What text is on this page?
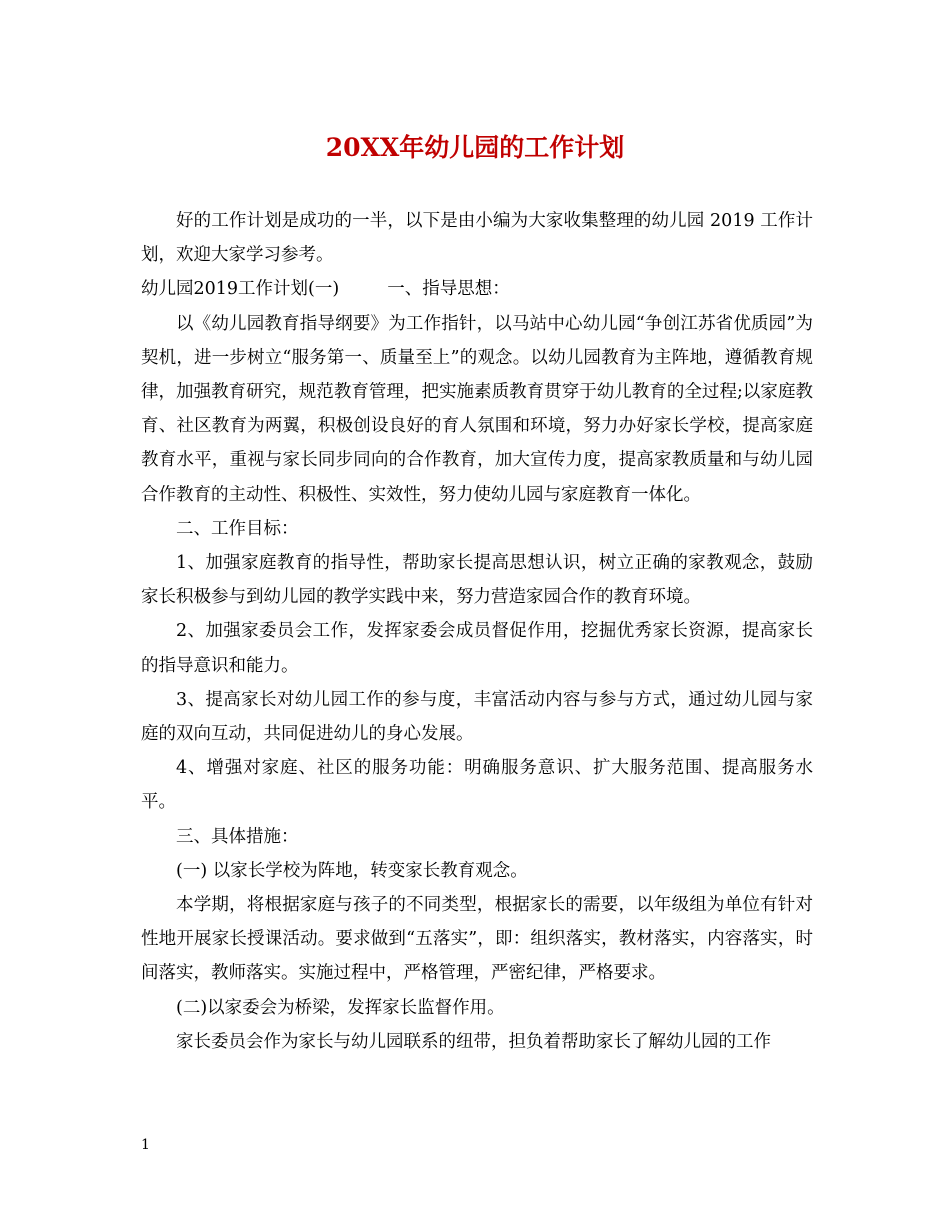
20XX年幼儿园的工作计划

好的工作计划是成功的一半，以下是由小编为大家收集整理的幼儿园 2019 工作计划，欢迎大家学习参考。

幼儿园2019工作计划(一)	一、指导思想：

以《幼儿园教育指导纲要》为工作指针，以马站中心幼儿园“争创江苏省优质园”为契机，进一步树立“服务第一、质量至上”的观念。以幼儿园教育为主阵地，遵循教育规律，加强教育研究，规范教育管理，把实施素质教育贯穿于幼儿教育的全过程;以家庭教育、社区教育为两翼，积极创设良好的育人氛围和环境，努力办好家长学校，提高家庭教育水平，重视与家长同步同向的合作教育，加大宣传力度，提高家教质量和与幼儿园合作教育的主动性、积极性、实效性，努力使幼儿园与家庭教育一体化。

二、工作目标：

1、加强家庭教育的指导性，帮助家长提高思想认识，树立正确的家教观念，鼓励家长积极参与到幼儿园的教学实践中来，努力营造家园合作的教育环境。

2、加强家委员会工作，发挥家委会成员督促作用，挖掘优秀家长资源，提高家长的指导意识和能力。

3、提高家长对幼儿园工作的参与度，丰富活动内容与参与方式，通过幼儿园与家庭的双向互动，共同促进幼儿的身心发展。

4、增强对家庭、社区的服务功能：明确服务意识、扩大服务范围、提高服务水平。

三、具体措施：

(一) 以家长学校为阵地，转变家长教育观念。

本学期，将根据家庭与孩子的不同类型，根据家长的需要，以年级组为单位有针对性地开展家长授课活动。要求做到“五落实”，即：组织落实，教材落实，内容落实，时间落实，教师落实。实施过程中，严格管理，严密纪律，严格要求。

(二)以家委会为桥梁，发挥家长监督作用。

家长委员会作为家长与幼儿园联系的纽带，担负着帮助家长了解幼儿园的工作

1
